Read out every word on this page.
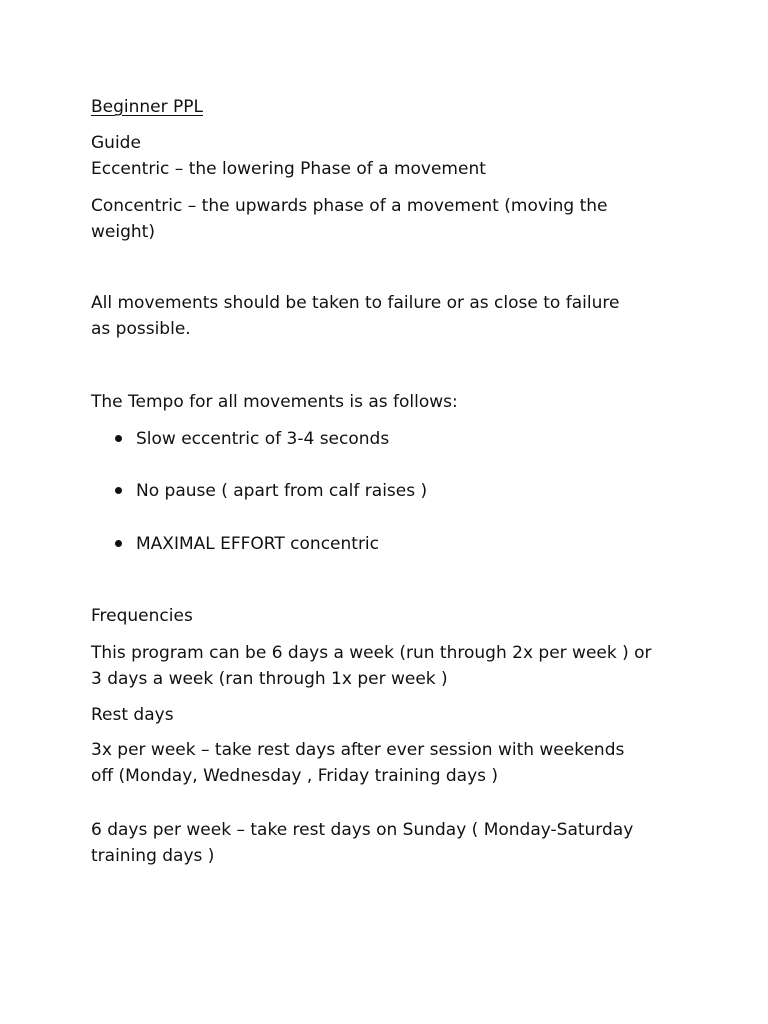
Beginner PPL
Guide
Eccentric – the lowering Phase of a movement
Concentric – the upwards phase of a movement (moving the
weight)
All movements should be taken to failure or as close to failure
as possible.
The Tempo for all movements is as follows:
Slow eccentric of 3-4 seconds
No pause ( apart from calf raises )
MAXIMAL EFFORT concentric
Frequencies
This program can be 6 days a week (run through 2x per week ) or
3 days a week (ran through 1x per week )
Rest days
3x per week – take rest days after ever session with weekends
off (Monday, Wednesday , Friday training days )
6 days per week – take rest days on Sunday ( Monday-Saturday
training days )
